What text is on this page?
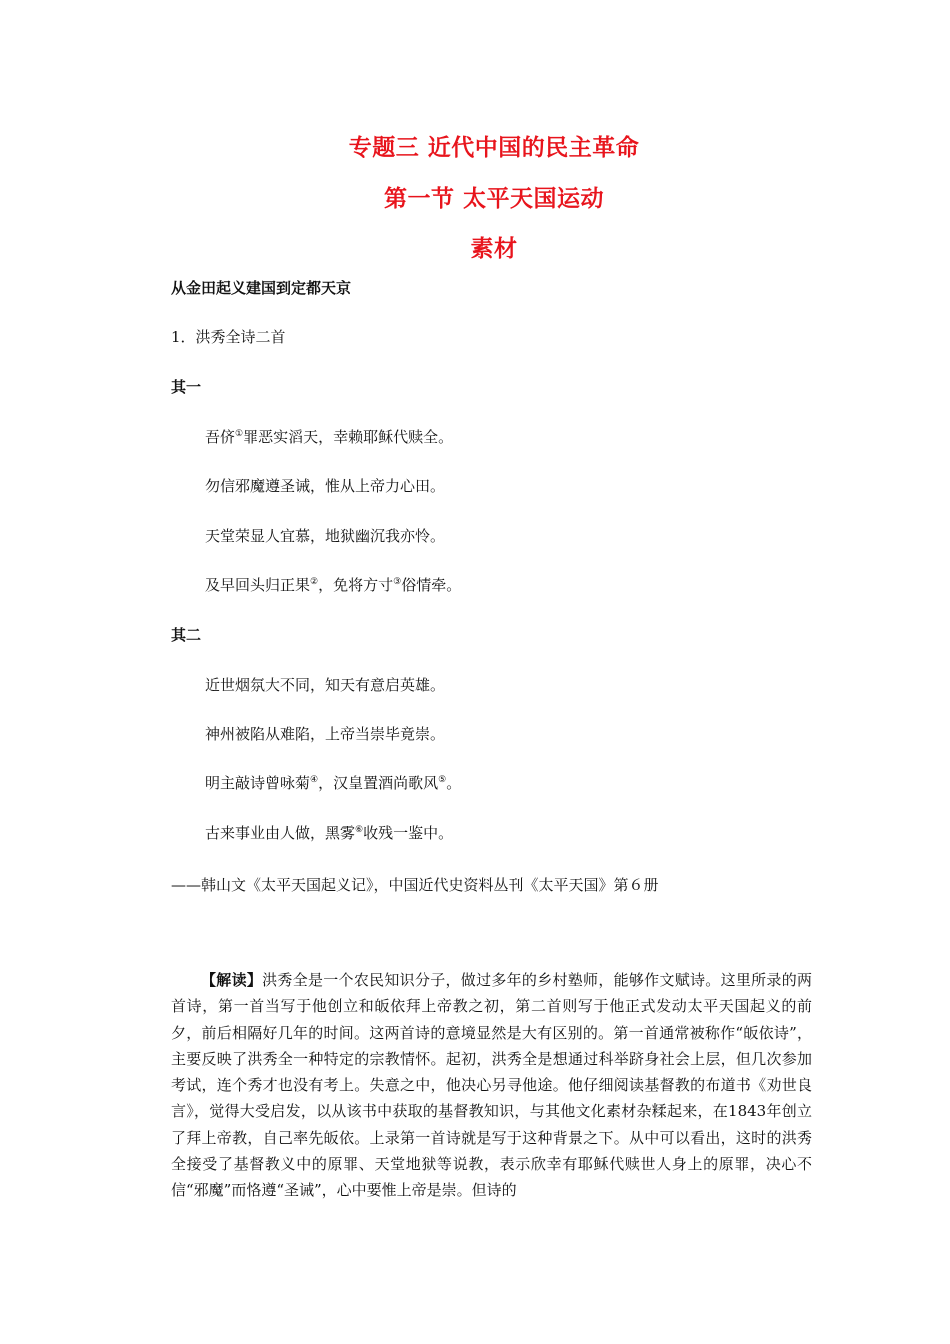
专题三 近代中国的民主革命
第一节 太平天国运动
素材
从金田起义建国到定都天京
1．洪秀全诗二首
其一
吾侪①罪恶实滔天，幸赖耶稣代赎全。
勿信邪魔遵圣诫，惟从上帝力心田。
天堂荣显人宜慕，地狱幽沉我亦怜。
及早回头归正果②，免将方寸③俗情牵。
其二
近世烟氛大不同，知天有意启英雄。
神州被陷从难陷，上帝当崇毕竟崇。
明主敲诗曾咏菊④，汉皇置酒尚歌风⑤。
古来事业由人做，黑雾⑥收残一鉴中。
——韩山文《太平天国起义记》，中国近代史资料丛刊《太平天国》第６册
【解读】洪秀全是一个农民知识分子，做过多年的乡村塾师，能够作文赋诗。这里所录的两首诗，第一首当写于他创立和皈依拜上帝教之初，第二首则写于他正式发动太平天国起义的前夕，前后相隔好几年的时间。这两首诗的意境显然是大有区别的。第一首通常被称作“皈依诗”，主要反映了洪秀全一种特定的宗教情怀。起初，洪秀全是想通过科举跻身社会上层，但几次参加考试，连个秀才也没有考上。失意之中，他决心另寻他途。他仔细阅读基督教的布道书《劝世良言》，觉得大受启发，以从该书中获取的基督教知识，与其他文化素材杂糅起来，在1843年创立了拜上帝教，自己率先皈依。上录第一首诗就是写于这种背景之下。从中可以看出，这时的洪秀全接受了基督教义中的原罪、天堂地狱等说教，表示欣幸有耶稣代赎世人身上的原罪，决心不信“邪魔”而恪遵“圣诫”，心中要惟上帝是崇。但诗的
